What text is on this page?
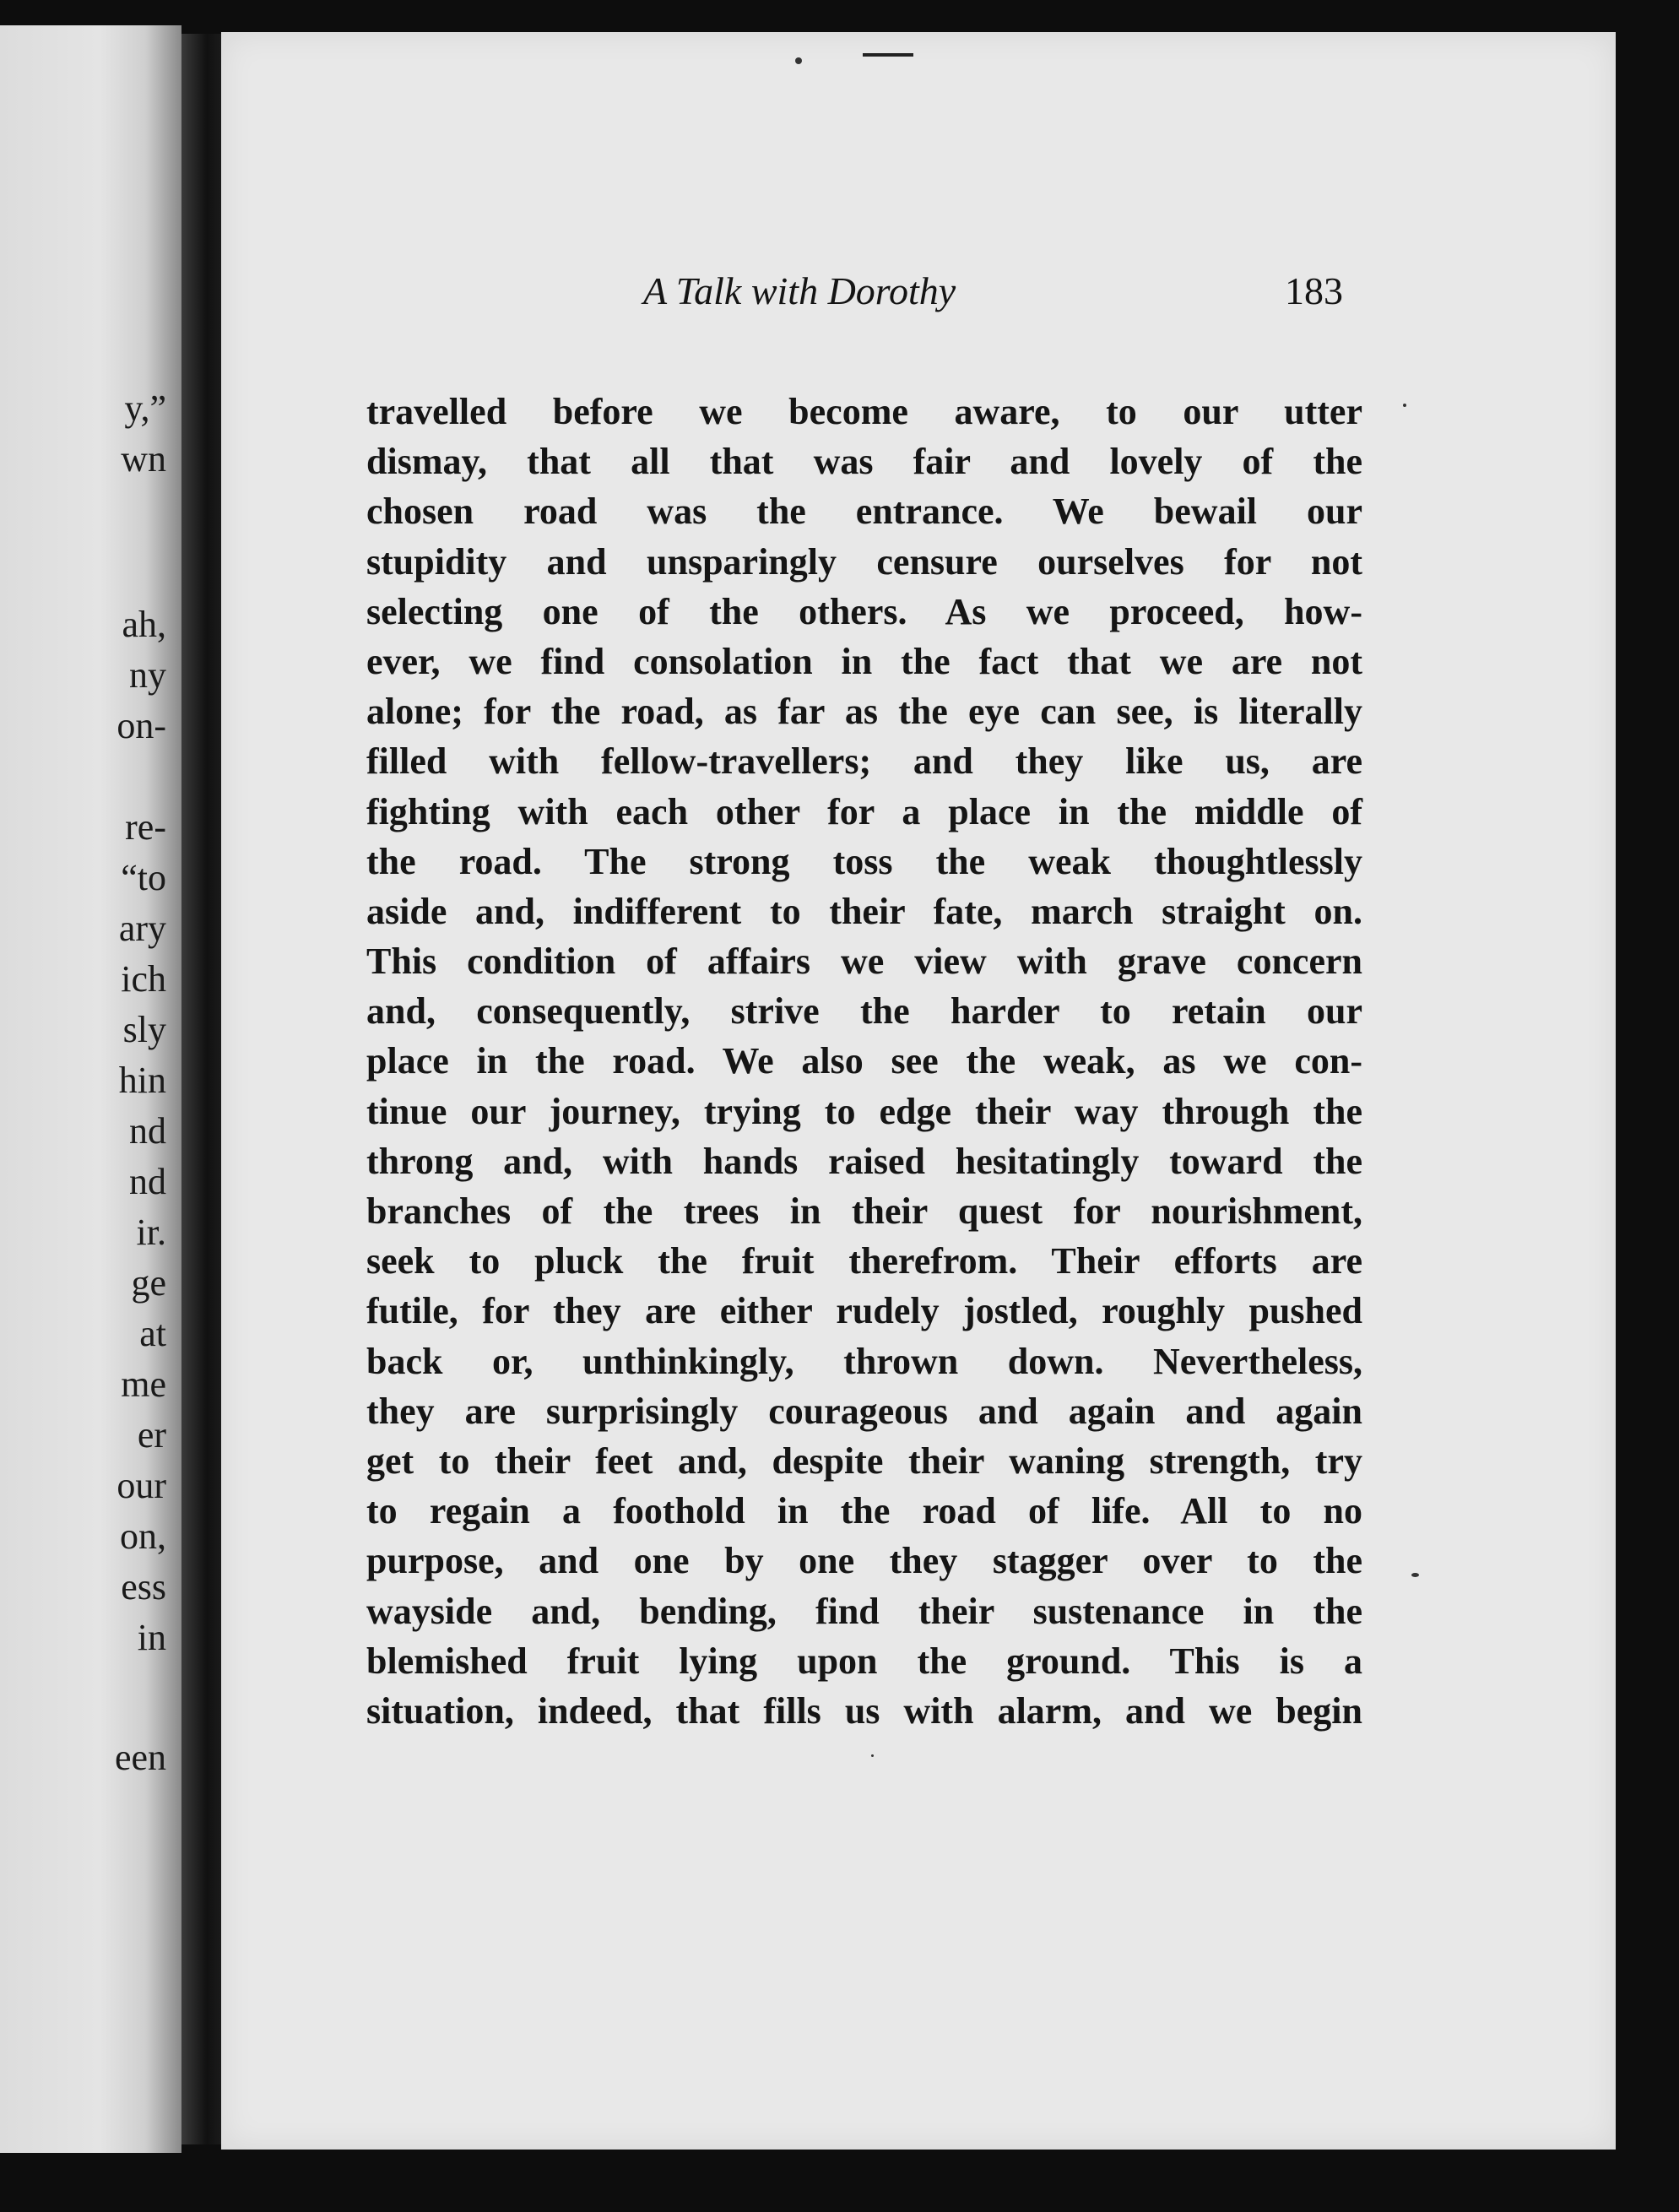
y,”
wn
ah,
ny
on-
re-
“to
ary
ich
sly
hin
nd
nd
ir.
ge
at
me
er
our
on,
ess
in
een
A Talk with Dorothy	183
travelled before we become aware, to our utter
dismay, that all that was fair and lovely of the
chosen road was the entrance. We bewail our
stupidity and unsparingly censure ourselves for not
selecting one of the others. As we proceed, how-
ever, we find consolation in the fact that we are not
alone; for the road, as far as the eye can see, is literally
filled with fellow-travellers; and they like us, are
fighting with each other for a place in the middle of
the road. The strong toss the weak thoughtlessly
aside and, indifferent to their fate, march straight on.
This condition of affairs we view with grave concern
and, consequently, strive the harder to retain our
place in the road. We also see the weak, as we con-
tinue our journey, trying to edge their way through the
throng and, with hands raised hesitatingly toward the
branches of the trees in their quest for nourishment,
seek to pluck the fruit therefrom. Their efforts are
futile, for they are either rudely jostled, roughly pushed
back or, unthinkingly, thrown down. Nevertheless,
they are surprisingly courageous and again and again
get to their feet and, despite their waning strength, try
to regain a foothold in the road of life. All to no
purpose, and one by one they stagger over to the
wayside and, bending, find their sustenance in the
blemished fruit lying upon the ground. This is a
situation, indeed, that fills us with alarm, and we begin
